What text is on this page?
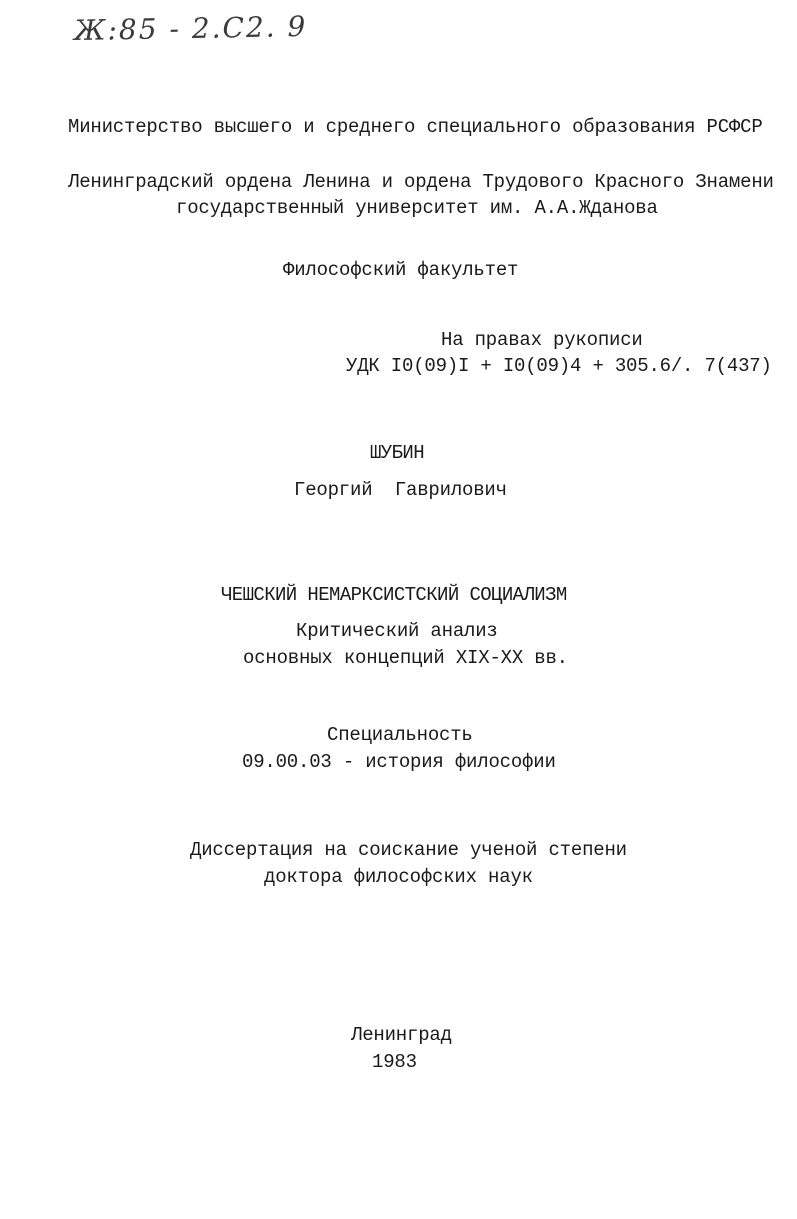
Ж:85 - 2.С2. 9
Министерство высшего и среднего специального образования РСФСР
Ленинградский ордена Ленина и ордена Трудового Красного Знамени
государственный университет им. А.А.Жданова
Философский факультет
На правах рукописи
УДК I0(09)I + I0(09)4 + 305.6/. 7(437)
ШУБИН
Георгий  Гаврилович
ЧЕШСКИЙ НЕМАРКСИСТСКИЙ СОЦИАЛИЗМ
Критический анализ
основных концепций XIX-XX вв.
Специальность
09.00.03 - история философии
Диссертация на соискание ученой степени
доктора философских наук
Ленинград
1983
